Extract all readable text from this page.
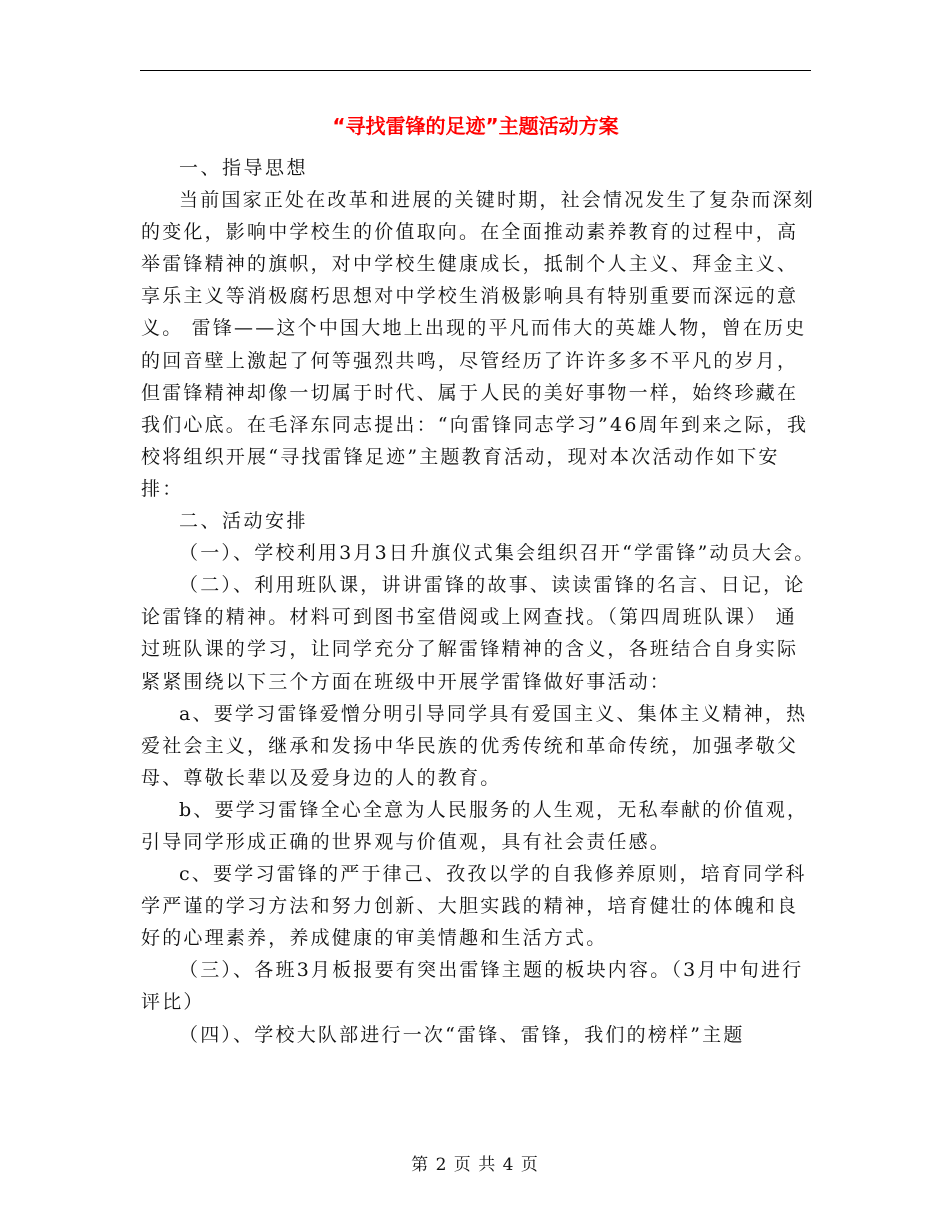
“寻找雷锋的足迹”主题活动方案

一、指导思想

当前国家正处在改革和进展的关键时期，社会情况发生了复杂而深刻的变化，影响中学校生的价值取向。在全面推动素养教育的过程中，高举雷锋精神的旗帜，对中学校生健康成长，抵制个人主义、拜金主义、享乐主义等消极腐朽思想对中学校生消极影响具有特别重要而深远的意义。 雷锋——这个中国大地上出现的平凡而伟大的英雄人物，曾在历史的回音壁上激起了何等强烈共鸣，尽管经历了许许多多不平凡的岁月，但雷锋精神却像一切属于时代、属于人民的美好事物一样，始终珍藏在我们心底。在毛泽东同志提出：“向雷锋同志学习”46周年到来之际，我校将组织开展“寻找雷锋足迹”主题教育活动，现对本次活动作如下安排：

二、活动安排

（一）、学校利用3月3日升旗仪式集会组织召开“学雷锋”动员大会。

（二）、利用班队课，讲讲雷锋的故事、读读雷锋的名言、日记，论论雷锋的精神。材料可到图书室借阅或上网查找。（第四周班队课） 通过班队课的学习，让同学充分了解雷锋精神的含义，各班结合自身实际紧紧围绕以下三个方面在班级中开展学雷锋做好事活动：

a、要学习雷锋爱憎分明引导同学具有爱国主义、集体主义精神，热爱社会主义，继承和发扬中华民族的优秀传统和革命传统，加强孝敬父母、尊敬长辈以及爱身边的人的教育。

b、要学习雷锋全心全意为人民服务的人生观，无私奉献的价值观，引导同学形成正确的世界观与价值观，具有社会责任感。

c、要学习雷锋的严于律己、孜孜以学的自我修养原则，培育同学科学严谨的学习方法和努力创新、大胆实践的精神，培育健壮的体魄和良好的心理素养，养成健康的审美情趣和生活方式。

（三）、各班3月板报要有突出雷锋主题的板块内容。（3月中旬进行评比）

（四）、学校大队部进行一次“雷锋、雷锋，我们的榜样”主题

第 2 页 共 4 页
